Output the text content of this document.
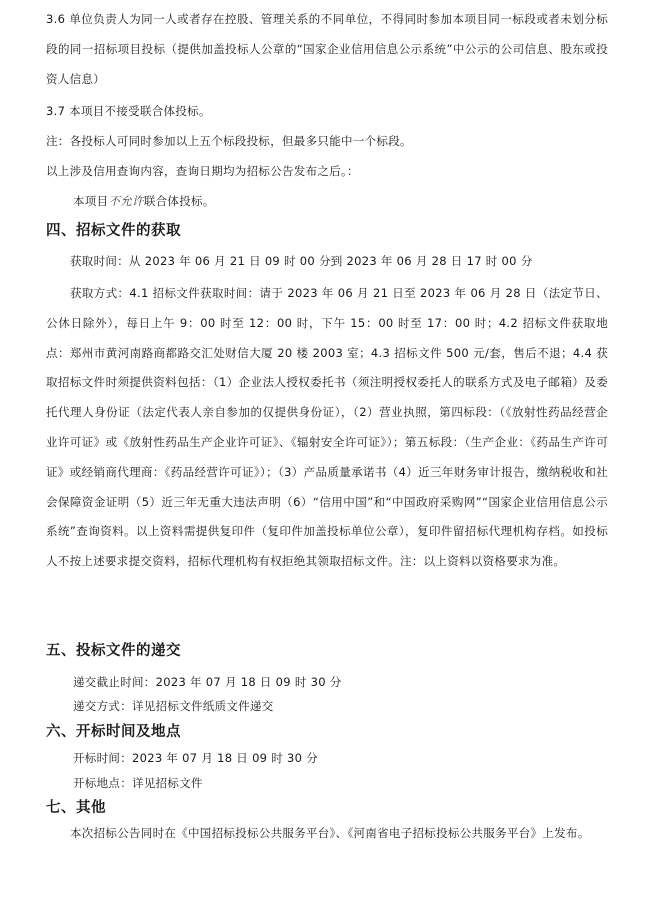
3.6 单位负责人为同一人或者存在控股、管理关系的不同单位，不得同时参加本项目同一标段或者未划分标段的同一招标项目投标（提供加盖投标人公章的“国家企业信用信息公示系统”中公示的公司信息、股东或投资人信息）

3.7 本项目不接受联合体投标。

注：各投标人可同时参加以上五个标段投标，但最多只能中一个标段。

以上涉及信用查询内容，查询日期均为招标公告发布之后。：

本项目不允许联合体投标。

四、招标文件的获取

获取时间：从 2023 年 06 月 21 日 09 时 00 分到 2023 年 06 月 28 日 17 时 00 分

获取方式：4.1 招标文件获取时间：请于 2023 年 06 月 21 日至 2023 年 06 月 28 日（法定节日、公休日除外），每日上午 9：00 时至 12：00 时，下午 15：00 时至 17：00 时；4.2 招标文件获取地点：郑州市黄河南路商都路交汇处财信大厦 20 楼 2003 室；4.3 招标文件 500 元/套，售后不退；4.4 获取招标文件时须提供资料包括：（1）企业法人授权委托书（须注明授权委托人的联系方式及电子邮箱）及委托代理人身份证（法定代表人亲自参加的仅提供身份证），（2）营业执照，第四标段：（《放射性药品经营企业许可证》或《放射性药品生产企业许可证》、《辐射安全许可证》）；第五标段：（生产企业：《药品生产许可证》或经销商代理商：《药品经营许可证》）；（3）产品质量承诺书（4）近三年财务审计报告，缴纳税收和社会保障资金证明（5）近三年无重大违法声明（6）“信用中国”和“中国政府采购网”“国家企业信用信息公示系统”查询资料。以上资料需提供复印件（复印件加盖投标单位公章），复印件留招标代理机构存档。如投标人不按上述要求提交资料，招标代理机构有权拒绝其领取招标文件。注：以上资料以资格要求为准。

五、投标文件的递交

递交截止时间：2023 年 07 月 18 日 09 时 30 分

递交方式：详见招标文件纸质文件递交

六、开标时间及地点

开标时间：2023 年 07 月 18 日 09 时 30 分

开标地点：详见招标文件

七、其他

本次招标公告同时在《中国招标投标公共服务平台》、《河南省电子招标投标公共服务平台》上发布。
